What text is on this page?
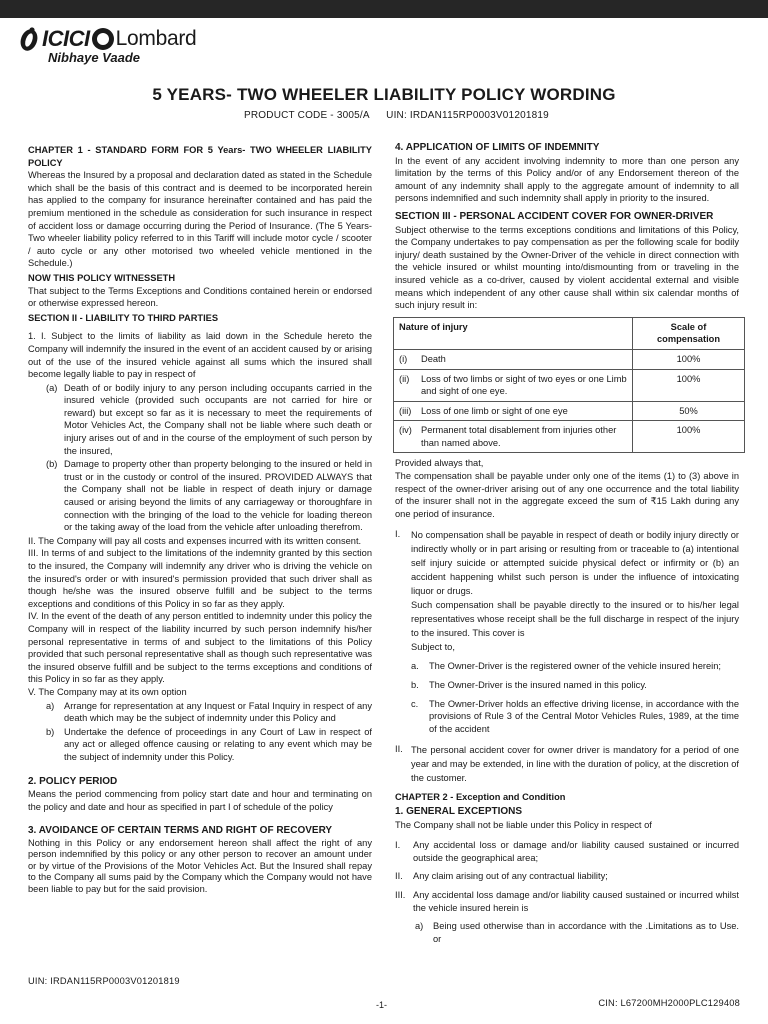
ICICI Lombard
Nibhaye Vaade
5 YEARS- TWO WHEELER LIABILITY POLICY WORDING
PRODUCT CODE - 3005/A UIN: IRDAN115RP0003V01201819

CHAPTER 1 - STANDARD FORM FOR 5 Years- TWO WHEELER LIABILITY POLICY

Whereas the Insured by a proposal and declaration dated as stated in the Schedule which shall be the basis of this contract and is deemed to be incorporated herein has applied to the company for insurance hereinafter contained and has paid the premium mentioned in the schedule as consideration for such insurance in respect of accident loss or damage occurring during the Period of Insurance. (The 5 Years- Two wheeler liability policy referred to in this Tariff will include motor cycle / scooter / auto cycle or any other motorised two wheeled vehicle mentioned in the Schedule.)

NOW THIS POLICY WITNESSETH

That subject to the Terms Exceptions and Conditions contained herein or endorsed or otherwise expressed hereon.

SECTION II - LIABILITY TO THIRD PARTIES

1. I. Subject to the limits of liability as laid down in the Schedule hereto the Company will indemnify the insured in the event of an accident caused by or arising out of the use of the insured vehicle against all sums which the insured shall become legally liable to pay in respect of

(a) Death of or bodily injury to any person including occupants carried in the insured vehicle (provided such occupants are not carried for hire or reward) but except so far as it is necessary to meet the requirements of Motor Vehicles Act, the Company shall not be liable where such death or injury arises out of and in the course of the employment of such person by the insured,
(b) Damage to property other than property belonging to the insured or held in trust or in the custody or control of the insured. PROVIDED ALWAYS that the Company shall not be liable in respect of death injury or damage caused or arising beyond the limits of any carriageway or thoroughfare in connection with the bringing of the load to the vehicle for loading thereon or the taking away of the load from the vehicle after unloading therefrom.

II. The Company will pay all costs and expenses incurred with its written consent.

III. In terms of and subject to the limitations of the indemnity granted by this section to the insured, the Company will indemnify any driver who is driving the vehicle on the insured's order or with insured's permission provided that such driver shall as though he/she was the insured observe fulfill and be subject to the terms exceptions and conditions of this Policy in so far as they apply.

IV. In the event of the death of any person entitled to indemnity under this policy the Company will in respect of the liability incurred by such person indemnify his/her personal representative in terms of and subject to the limitations of this Policy provided that such personal representative shall as though such representative was the insured observe fulfill and be subject to the terms exceptions and conditions of this Policy in so far as they apply.

V. The Company may at its own option

a)	Arrange for representation at any Inquest or Fatal Inquiry in respect of any death which may be the subject of indemnity under this Policy and
b)	Undertake the defence of proceedings in any Court of Law in respect of any act or alleged offence causing or relating to any event which may be the subject of indemnity under this Policy.

2. POLICY PERIOD

Means the period commencing from policy start date and hour and terminating on the policy and date and hour as specified in part I of schedule of the policy

3. AVOIDANCE OF CERTAIN TERMS AND RIGHT OF RECOVERY

Nothing in this Policy or any endorsement hereon shall affect the right of any person indemnified by this policy or any other person to recover an amount under or by virtue of the Provisions of the Motor Vehicles Act. But the Insured shall repay to the Company all sums paid by the Company which the Company would not have been liable to pay but for the said provision.

4. APPLICATION OF LIMITS OF INDEMNITY

In the event of any accident involving indemnity to more than one person any limitation by the terms of this Policy and/or of any Endorsement thereon of the amount of any indemnity shall apply to the aggregate amount of indemnity to all persons indemnified and such indemnity shall apply in priority to the insured.

SECTION III - PERSONAL ACCIDENT COVER FOR OWNER-DRIVER

Subject otherwise to the terms exceptions conditions and limitations of this Policy, the Company undertakes to pay compensation as per the following scale for bodily injury/ death sustained by the Owner-Driver of the vehicle in direct connection with the vehicle insured or whilst mounting into/dismounting from or traveling in the insured vehicle as a co-driver, caused by violent accidental external and visible means which independent of any other cause shall within six calendar months of such injury result in:

Nature of injury	Scale of compensation

(i) Death	100%

(ii) Loss of two limbs or sight of two eyes or one Limb and sight of one eye.	100%

(iii) Loss of one limb or sight of one eye	50%

(iv) Permanent total disablement from injuries other than named above.	100%

Provided always that,

The compensation shall be payable under only one of the items (1) to (3) above in respect of the owner-driver arising out of any one occurrence and the total liability of the insurer shall not in the aggregate exceed the sum of ₹15 Lakh during any one period of insurance.

I.	No compensation shall be payable in respect of death or bodily injury directly or indirectly wholly or in part arising or resulting from or traceable to (a) intentional self injury suicide or attempted suicide physical defect or infirmity or (b) an accident happening whilst such person is under the influence of intoxicating liquor or drugs.

Such compensation shall be payable directly to the insured or to his/her legal representatives whose receipt shall be the full discharge in respect of the injury to the insured. This cover is

Subject to,

a.	The Owner-Driver is the registered owner of the vehicle insured herein;
b.	The Owner-Driver is the insured named in this policy.
c.	The Owner-Driver holds an effective driving license, in accordance with the provisions of Rule 3 of the Central Motor Vehicles Rules, 1989, at the time of the accident
II. The personal accident cover for owner driver is mandatory for a period of one year and may be extended, in line with the duration of policy, at the discretion of the customer.

CHAPTER 2 - Exception and Condition

1. GENERAL EXCEPTIONS

The Company shall not be liable under this Policy in respect of

I.	Any accidental loss or damage and/or liability caused sustained or incurred outside the geographical area;
II.	Any claim arising out of any contractual liability;
III. Any accidental loss damage and/or liability caused sustained or incurred whilst the vehicle insured herein is
a)	Being used otherwise than in accordance with the .Limitations as to Use. or
UIN: IRDAN115RP0003V01201819
-1-	CIN: L67200MH2000PLC129408
